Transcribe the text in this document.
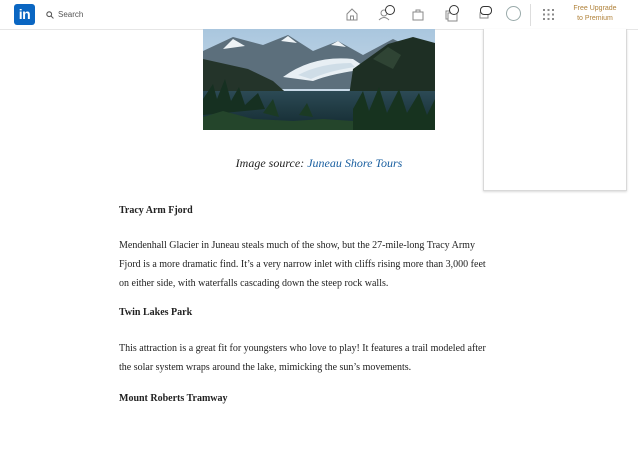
in	Search
Free Upgrade
to Premium
Image source: Juneau Shore Tours
Tracy Arm Fjord
Mendenhall Glacier in Juneau steals much of the show, but the 27-mile-long Tracy Army
Fjord is a more dramatic find. It’s a very narrow inlet with cliffs rising more than 3,000 feet
on either side, with waterfalls cascading down the steep rock walls.
Twin Lakes Park
This attraction is a great fit for youngsters who love to play! It features a trail modeled after
the solar system wraps around the lake, mimicking the sun’s movements.
Mount Roberts Tramway
